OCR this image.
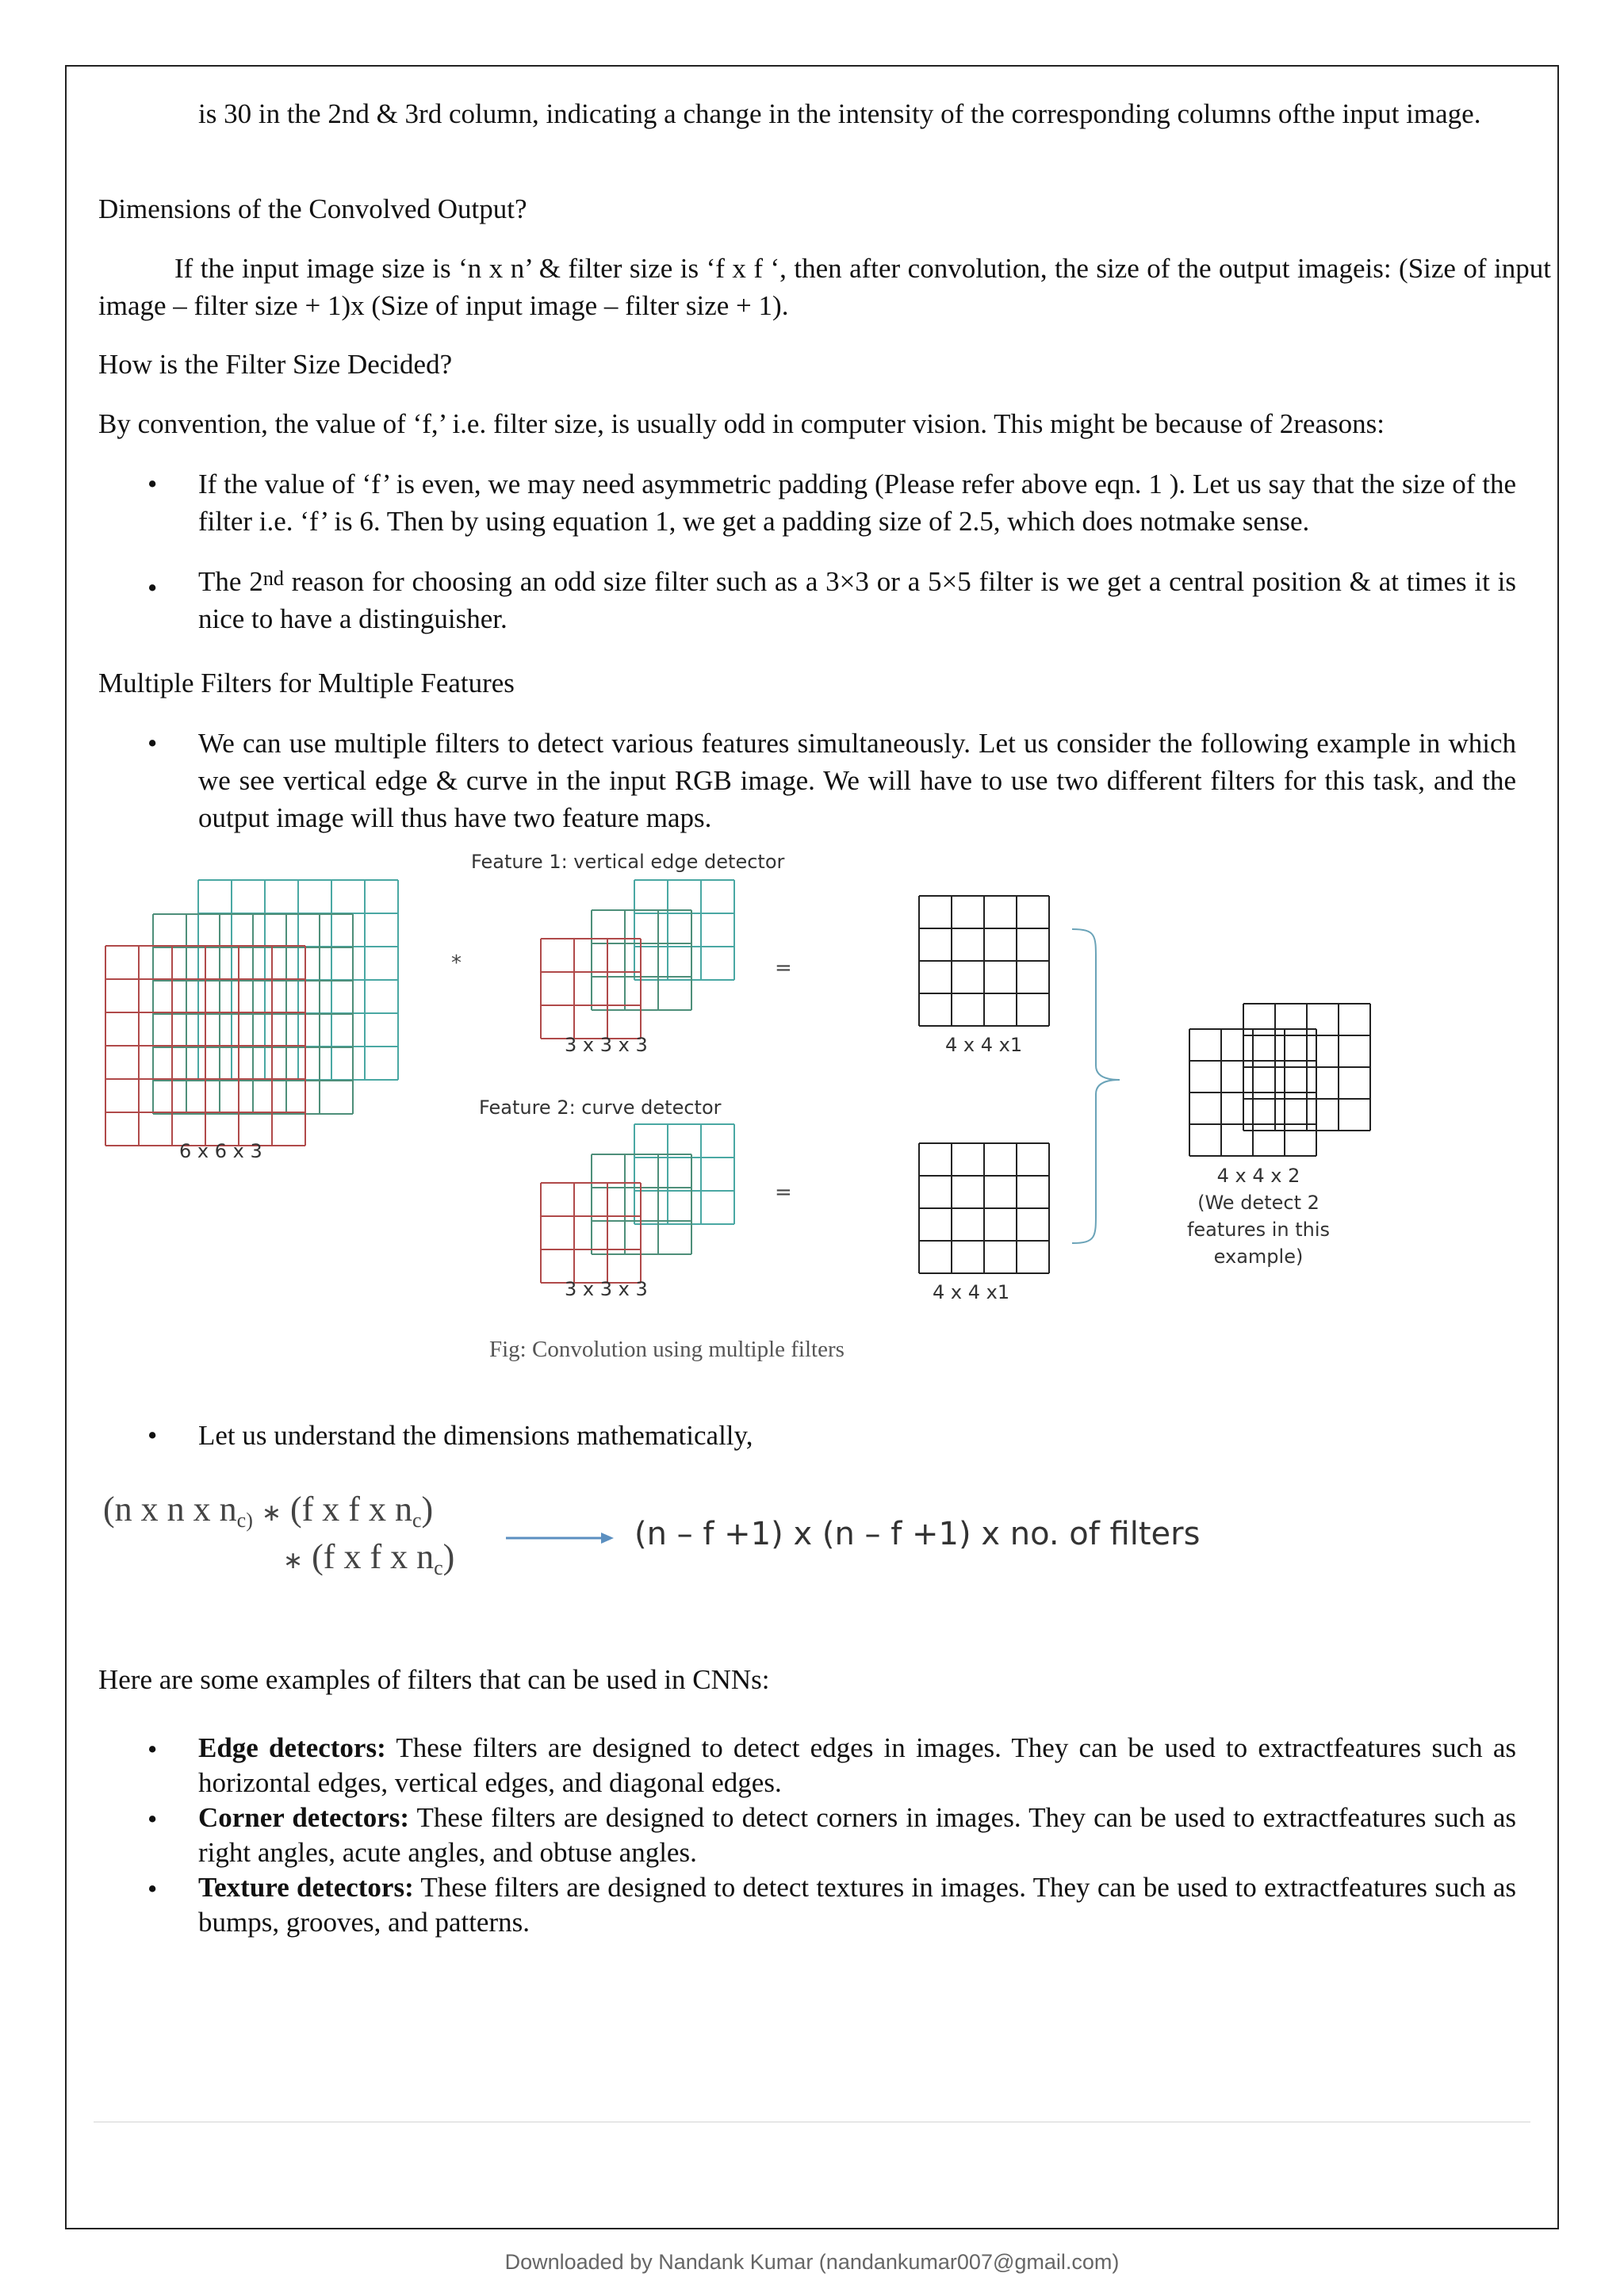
is 30 in the 2nd & 3rd column, indicating a change in the intensity of the corresponding columns ofthe input image.

Dimensions of the Convolved Output?

If the input image size is ‘n x n’ & filter size is ‘f x f ‘, then after convolution, the size of the output imageis: (Size of input image – filter size + 1)x (Size of input image – filter size + 1).

How is the Filter Size Decided?

By convention, the value of ‘f,’ i.e. filter size, is usually odd in computer vision. This might be because of 2reasons:

• If the value of ‘f’ is even, we may need asymmetric padding (Please refer above eqn. 1 ). Let us say that the size of the filter i.e. ‘f’ is 6. Then by using equation 1, we get a padding size of 2.5, which does notmake sense.

• The 2nd reason for choosing an odd size filter such as a 3×3 or a 5×5 filter is we get a central position & at times it is nice to have a distinguisher.

Multiple Filters for Multiple Features

• We can use multiple filters to detect various features simultaneously. Let us consider the following example in which we see vertical edge & curve in the input RGB image. We will have to use two different filters for this task, and the output image will thus have two feature maps.

*	=
=
Feature 1: vertical edge detector
Feature 2: curve detector
6 x 6 x 3
3 x 3 x 3
3 x 3 x 3
4 x 4 x1
4 x 4 x1
4 x 4 x 2
(We detect 2
features in this
example)
Fig: Convolution using multiple filters
• Let us understand the dimensions mathematically,

(n x n x nc) ∗ (f x f x nc)
∗ (f x f x nc)
(n – f +1) x (n – f +1) x no. of filters

Here are some examples of filters that can be used in CNNs:

• Edge detectors: These filters are designed to detect edges in images. They can be used to extractfeatures such as horizontal edges, vertical edges, and diagonal edges.

• Corner detectors: These filters are designed to detect corners in images. They can be used to extractfeatures such as right angles, acute angles, and obtuse angles.

• Texture detectors: These filters are designed to detect textures in images. They can be used to extractfeatures such as bumps, grooves, and patterns.

Downloaded by Nandank Kumar (nandankumar007@gmail.com)
